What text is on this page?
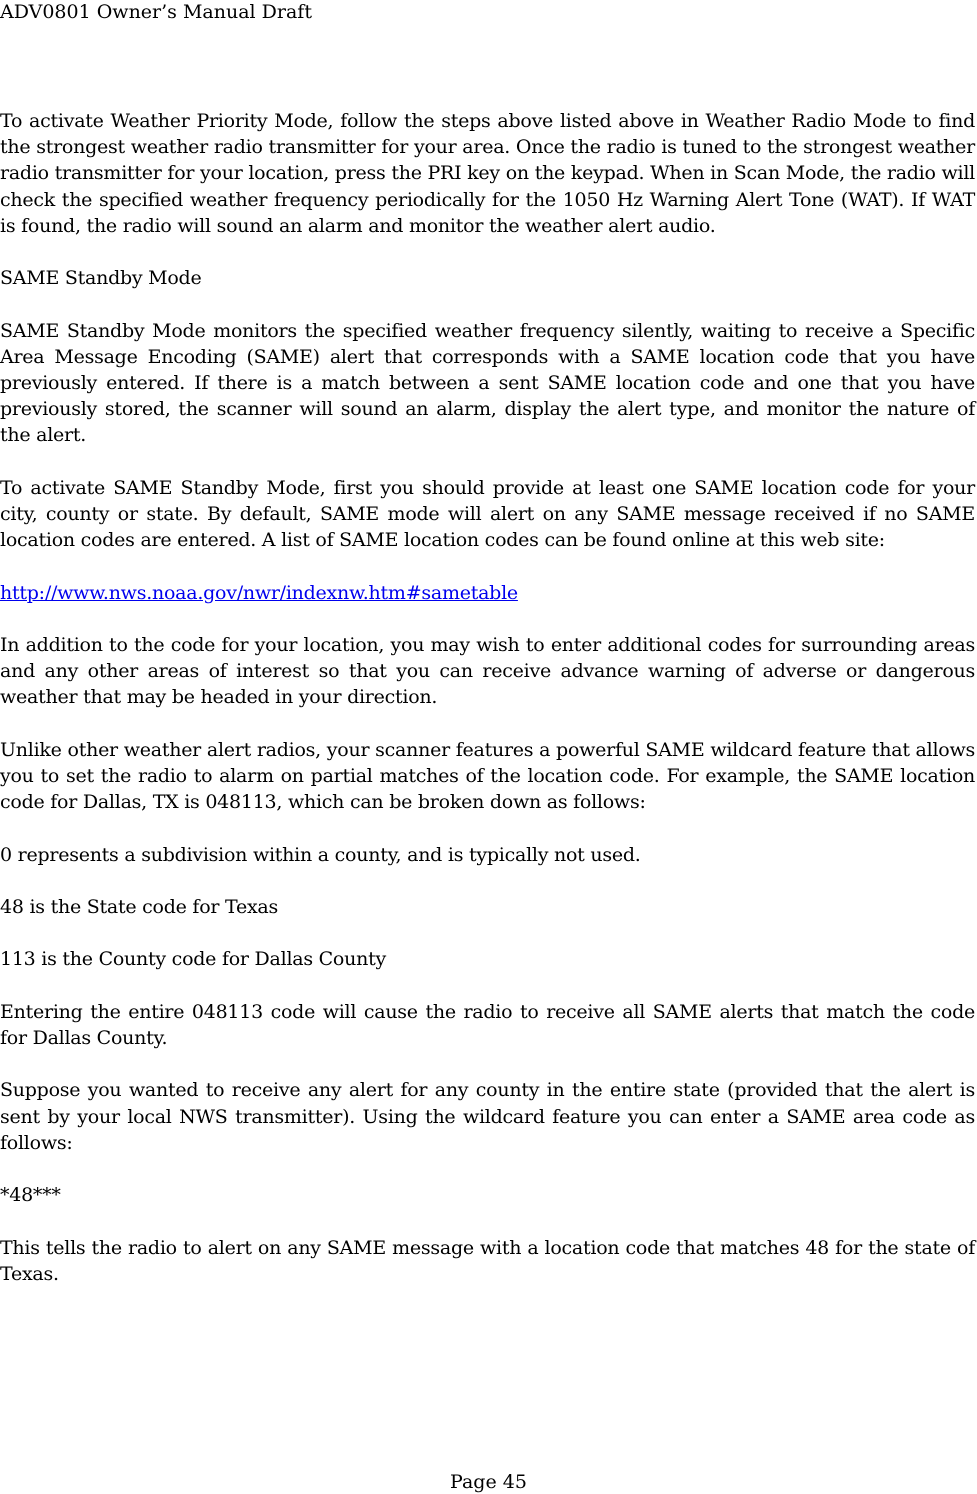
ADV0801 Owner’s Manual Draft

To activate Weather Priority Mode, follow the steps above listed above in Weather Radio Mode to find the strongest weather radio transmitter for your area. Once the radio is tuned to the strongest weather radio transmitter for your location, press the PRI key on the keypad. When in Scan Mode, the radio will check the specified weather frequency periodically for the 1050 Hz Warning Alert Tone (WAT). If WAT is found, the radio will sound an alarm and monitor the weather alert audio.

SAME Standby Mode

SAME Standby Mode monitors the specified weather frequency silently, waiting to receive a Specific Area Message Encoding (SAME) alert that corresponds with a SAME location code that you have previously entered. If there is a match between a sent SAME location code and one that you have previously stored, the scanner will sound an alarm, display the alert type, and monitor the nature of the alert.

To activate SAME Standby Mode, first you should provide at least one SAME location code for your city, county or state. By default, SAME mode will alert on any SAME message received if no SAME location codes are entered. A list of SAME location codes can be found online at this web site:

http://www.nws.noaa.gov/nwr/indexnw.htm#sametable

In addition to the code for your location, you may wish to enter additional codes for surrounding areas and any other areas of interest so that you can receive advance warning of adverse or dangerous weather that may be headed in your direction.

Unlike other weather alert radios, your scanner features a powerful SAME wildcard feature that allows you to set the radio to alarm on partial matches of the location code. For example, the SAME location code for Dallas, TX is 048113, which can be broken down as follows:

0 represents a subdivision within a county, and is typically not used.

48 is the State code for Texas

113 is the County code for Dallas County

Entering the entire 048113 code will cause the radio to receive all SAME alerts that match the code for Dallas County.

Suppose you wanted to receive any alert for any county in the entire state (provided that the alert is sent by your local NWS transmitter). Using the wildcard feature you can enter a SAME area code as follows:

*48***

This tells the radio to alert on any SAME message with a location code that matches 48 for the state of Texas.

Page 45
